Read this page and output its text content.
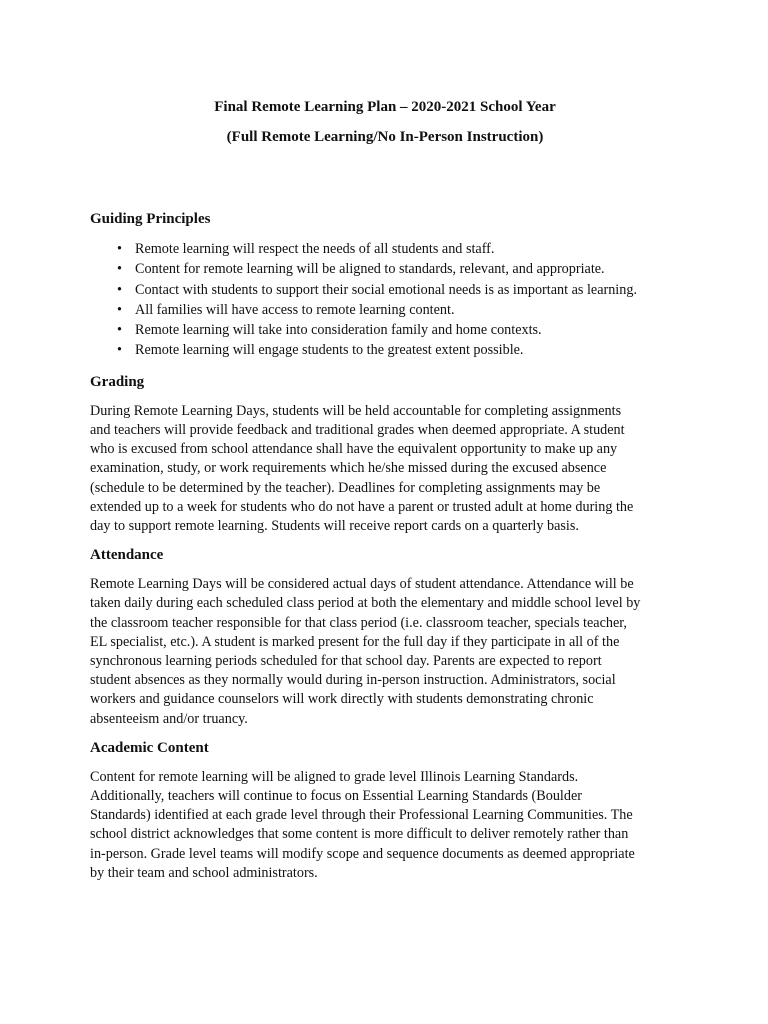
Final Remote Learning Plan – 2020-2021 School Year

(Full Remote Learning/No In-Person Instruction)

Guiding Principles

• Remote learning will respect the needs of all students and staff.
• Content for remote learning will be aligned to standards, relevant, and appropriate.
• Contact with students to support their social emotional needs is as important as learning.
• All families will have access to remote learning content.
• Remote learning will take into consideration family and home contexts.
• Remote learning will engage students to the greatest extent possible.

Grading

During Remote Learning Days, students will be held accountable for completing assignments
and teachers will provide feedback and traditional grades when deemed appropriate. A student
who is excused from school attendance shall have the equivalent opportunity to make up any
examination, study, or work requirements which he/she missed during the excused absence
(schedule to be determined by the teacher). Deadlines for completing assignments may be
extended up to a week for students who do not have a parent or trusted adult at home during the
day to support remote learning. Students will receive report cards on a quarterly basis.

Attendance

Remote Learning Days will be considered actual days of student attendance. Attendance will be
taken daily during each scheduled class period at both the elementary and middle school level by
the classroom teacher responsible for that class period (i.e. classroom teacher, specials teacher,
EL specialist, etc.). A student is marked present for the full day if they participate in all of the
synchronous learning periods scheduled for that school day. Parents are expected to report
student absences as they normally would during in-person instruction. Administrators, social
workers and guidance counselors will work directly with students demonstrating chronic
absenteeism and/or truancy.

Academic Content

Content for remote learning will be aligned to grade level Illinois Learning Standards.
Additionally, teachers will continue to focus on Essential Learning Standards (Boulder
Standards) identified at each grade level through their Professional Learning Communities. The
school district acknowledges that some content is more difficult to deliver remotely rather than
in-person. Grade level teams will modify scope and sequence documents as deemed appropriate
by their team and school administrators.
